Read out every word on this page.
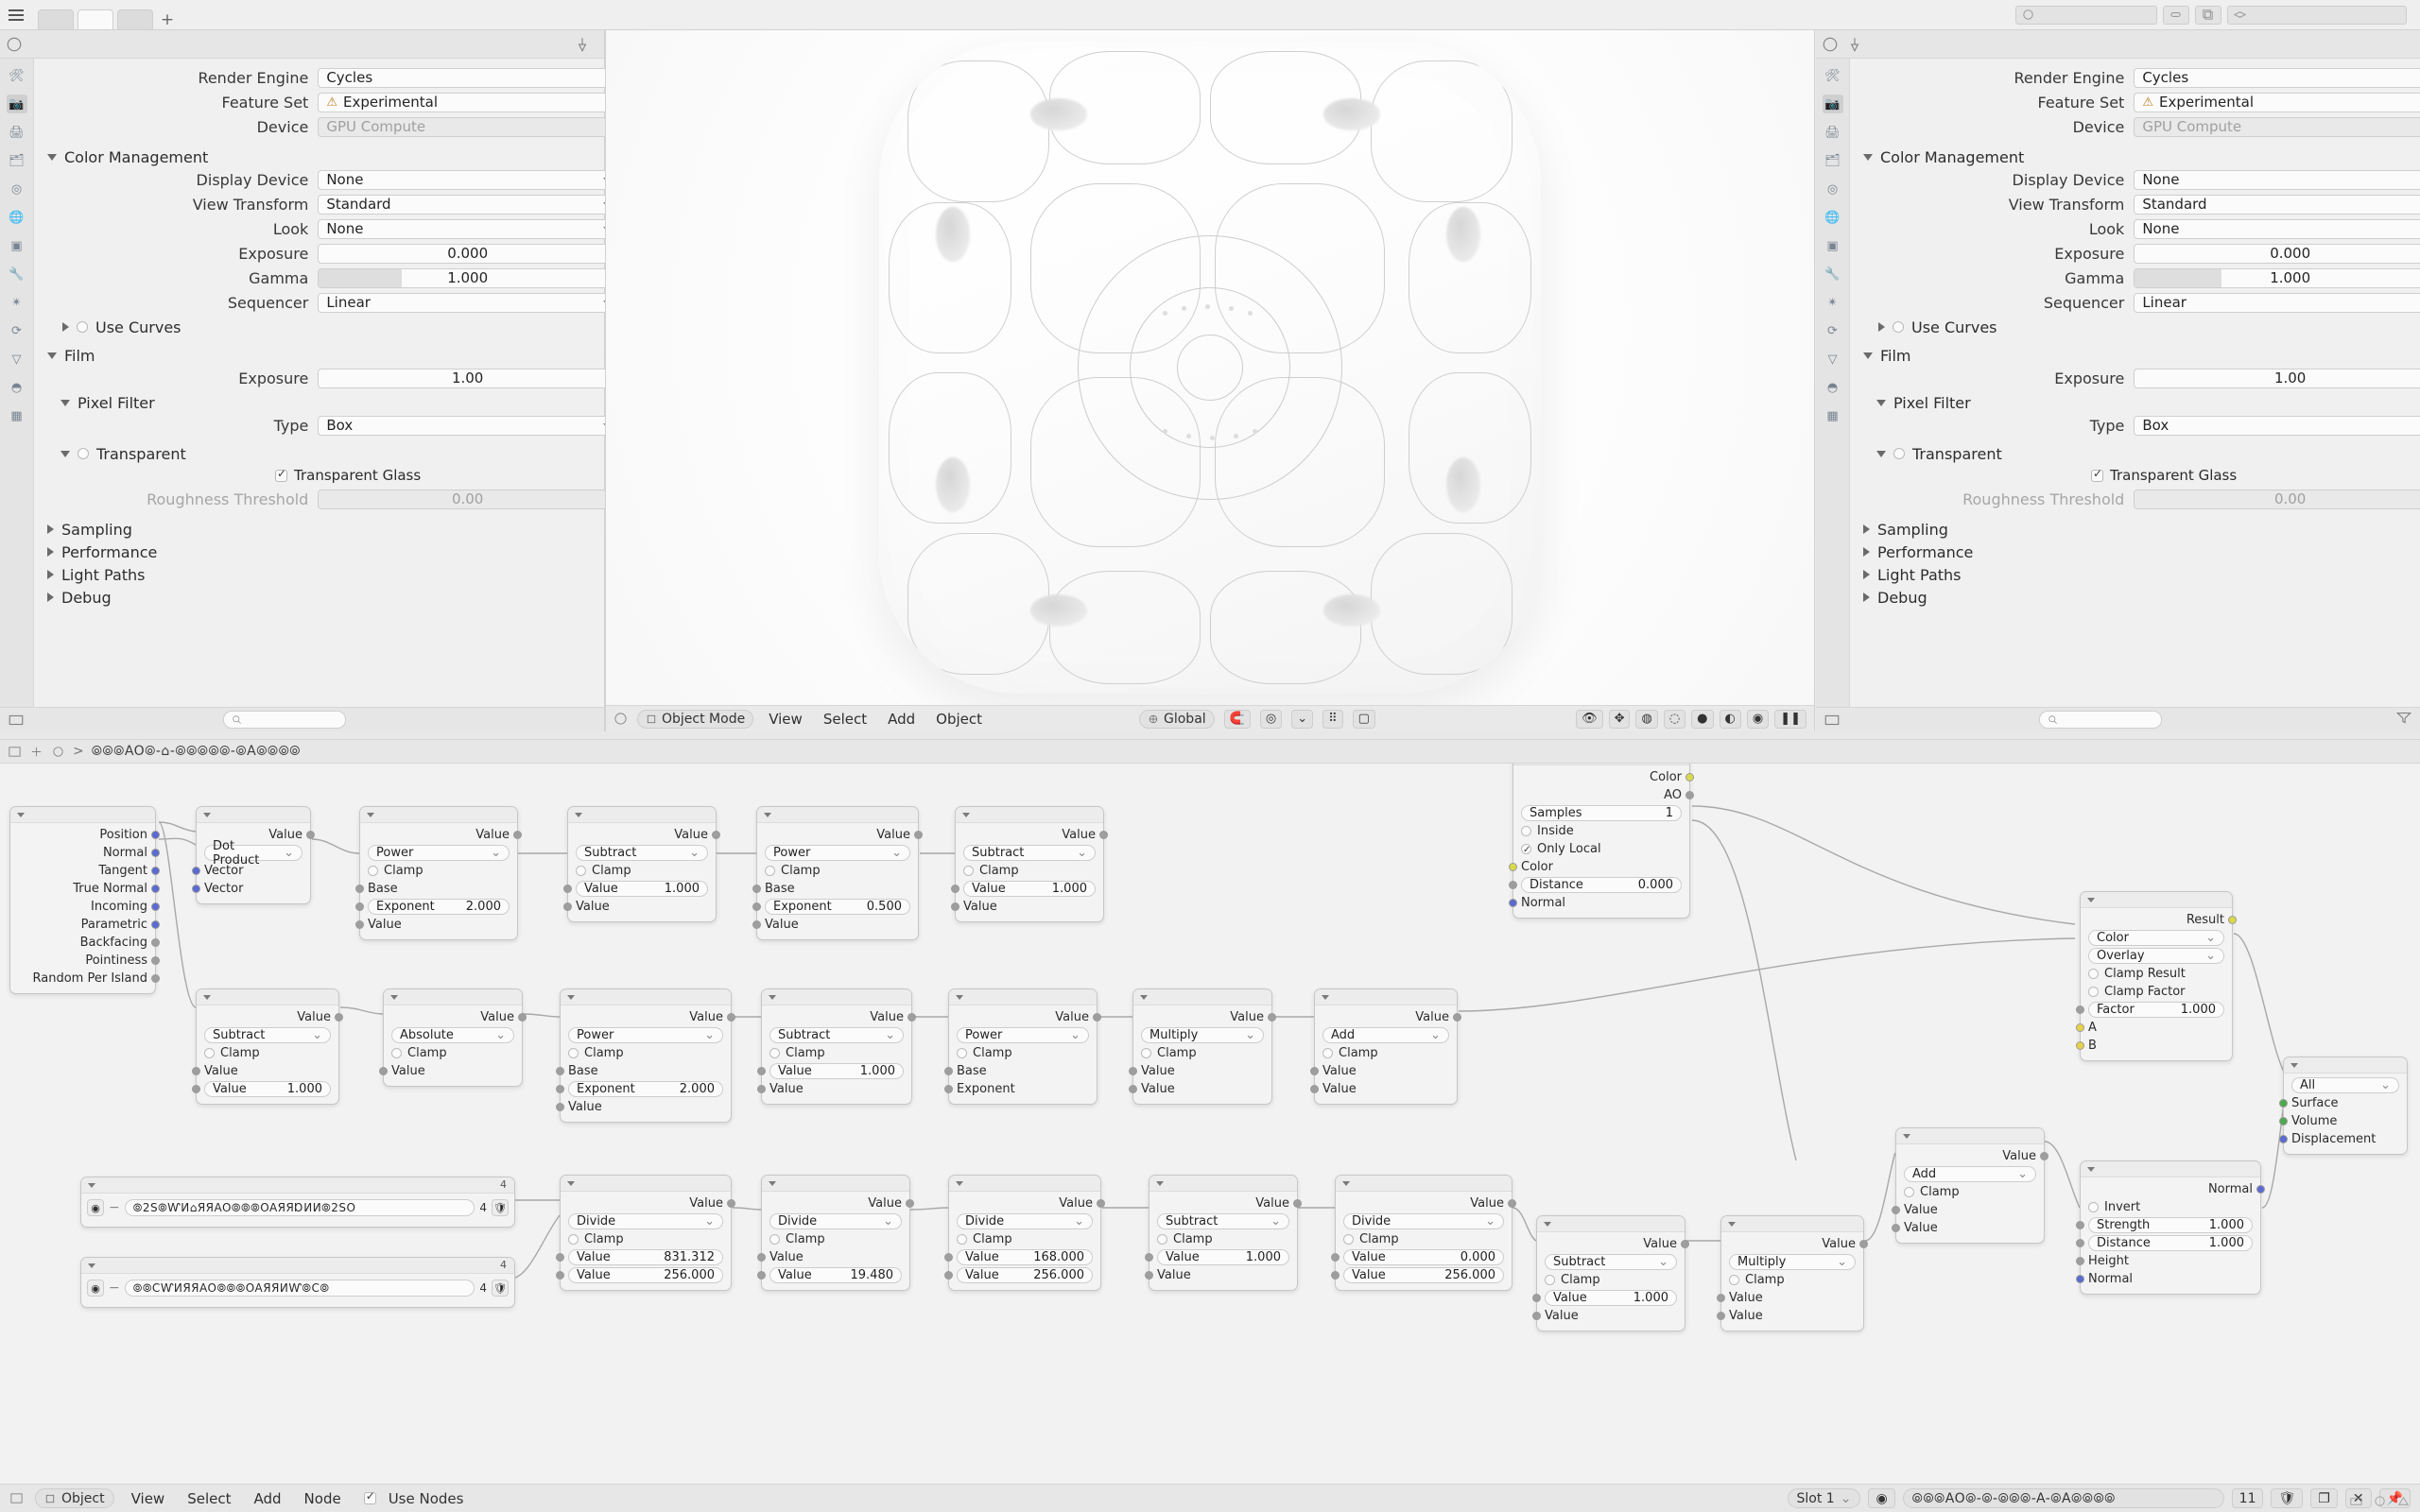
+
🛠
📷
🖨
🗂
◎
🌐
▣
🔧
✴
⟳
▽
◓
▦
Render Engine	Cycles
Feature Set	⚠ Experimental
Device	GPU Compute
Color Management
Display Device	None
View Transform	Standard
Look	None
Exposure	0.000
Gamma	1.000
Sequencer	Linear
Use Curves
Film
Exposure	1.00
Pixel Filter
Type	Box
Transparent
✓
Transparent Glass
Roughness Threshold	0.00
Sampling
Performance
Light Paths
Debug
Object Mode	View	Select	Add	Object	Global	🧲	◎	⌄	⠿	▢	👁	✥	◍	◌	●	◐	◉	❚❚
🛠
📷
🖨
🗂
◎
🌐
▣
🔧
✴
⟳
▽
◓
▦
Render Engine	Cycles
Feature Set	⚠ Experimental
Device	GPU Compute
Color Management
Display Device	None
View Transform	Standard
Look	None
Exposure	0.000
Gamma	1.000
Sequencer	Linear
Use Curves
Film
Exposure	1.00
Pixel Filter
Type	Box
Transparent
✓
Transparent Glass
Roughness Threshold	0.00
Sampling
Performance
Light Paths
Debug
> ⦾⦾⦾AO⦾-⌂-⦾⦾⦾⦾⦾-⦾A⦾⦾⦾⦾
Position
Normal
Tangent
True Normal
Incoming
Parametric
Backfacing
Pointiness
Random Per Island
Value
Dot Product	⌄
Vector
Vector
Value
Power	⌄
Clamp
Base
Exponent	2.000
Value
Value
Subtract	⌄
Clamp
Value	1.000
Value
Value
Power	⌄
Clamp
Base
Exponent	0.500
Value
Value
Subtract	⌄
Clamp
Value	1.000
Value
Color
AO
Samples	1
Inside
✓
Only Local
Color
Distance	0.000
Normal
Value
Subtract	⌄
Clamp
Value
Value	1.000
Value
Absolute	⌄
Clamp
Value
Value
Power	⌄
Clamp
Base
Exponent	2.000
Value
Value
Subtract	⌄
Clamp
Value	1.000
Value
Value
Power	⌄
Clamp
Base
Exponent
Value
Multiply	⌄
Clamp
Value
Value
Value
Add	⌄
Clamp
Value
Value
Result
Color	⌄
Overlay	⌄
Clamp Result
Clamp Factor
Factor	1.000
A
B
Value
Add	⌄
Clamp
Value
Value
Normal
Invert
Strength	1.000
Distance	1.000
Height
Normal
All	⌄
Surface
Volume
Displacement
4
◉ −	⦾2S⦾ⱲИ⌂ЯЯAO⦾⦾⦾OAЯЯⱰИИ⦾2SO	4 🛡
4
◉ −	⦾⦾CⱲИЯЯAO⦾⦾⦾OAЯЯИⱲ⦾C⦾	4 🛡
Value
Divide	⌄
Clamp
Value	831.312
Value	256.000
Value
Divide	⌄
Clamp
Value
Value	19.480
Value
Divide	⌄
Clamp
Value	168.000
Value	256.000
Value
Subtract	⌄
Clamp
Value	1.000
Value
Value
Divide	⌄
Clamp
Value	0.000
Value	256.000
Value
Subtract	⌄
Clamp
Value	1.000
Value
Value
Multiply	⌄
Clamp
Value
Value
Object	View	Select	Add	Node ✓	Use Nodes	Slot 1 ⌄	◉	⦾⦾⦾AO⦾-⦾-⦾⦾⦾-A-⦾A⦾⦾⦾⦾	11	🛡	❐	✕	📌
